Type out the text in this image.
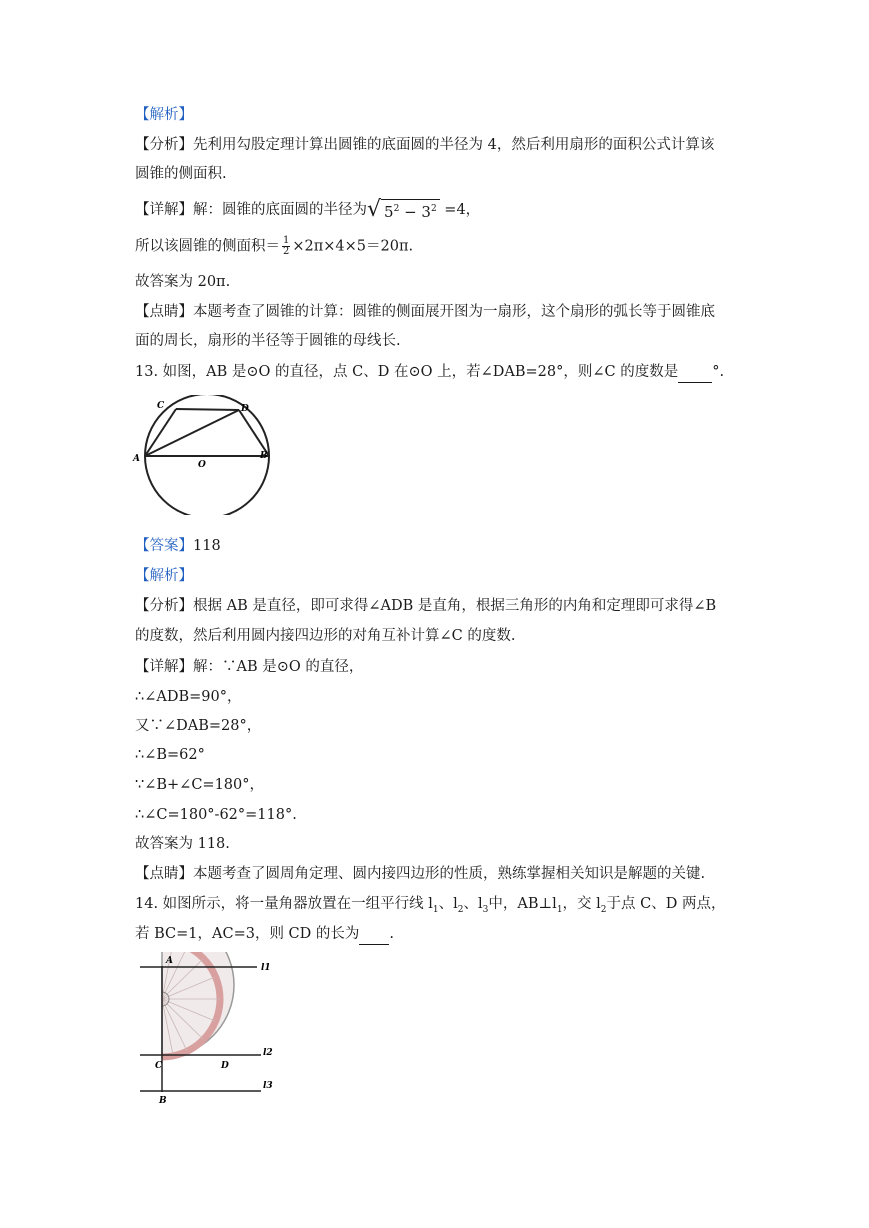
【解析】
【分析】先利用勾股定理计算出圆锥的底面圆的半径为 4，然后利用扇形的面积公式计算该
圆锥的侧面积.
【详解】解：圆锥的底面圆的半径为√ $5^2 - 3^2 =4$，
所以该圆锥的侧面积＝ $\frac{1}{2} \times 2\pi\times 4\times 5=20\pi$.
故答案为 20π.
【点睛】本题考查了圆锥的计算：圆锥的侧面展开图为一扇形，这个扇形的弧长等于圆锥底
面的周长，扇形的半径等于圆锥的母线长.
13. 如图，AB 是⊙O 的直径，点 C、D 在⊙O 上，若∠DAB=28°，则∠C 的度数是 °.
A	B
C	D
O
【答案】118
【解析】
【分析】根据 AB 是直径，即可求得∠ADB 是直角，根据三角形的内角和定理即可求得∠B
的度数，然后利用圆内接四边形的对角互补计算∠C 的度数.
【详解】解：∵AB 是⊙O 的直径，
∴∠ADB=90°，
又∵∠DAB=28°，
∴∠B=62°
∵∠B+∠C=180°，
∴∠C=180°-62°=118°.
故答案为 118.
【点睛】本题考查了圆周角定理、圆内接四边形的性质，熟练掌握相关知识是解题的关键.
14. 如图所示，将一量角器放置在一组平行线 $l_1$、$l_2$、$l_3$中，$AB\perp l_1$，交 $l_2$于点 C、D 两点，
若 BC=1，AC=3，则 CD 的长为 .
A
B
C	D
l1
l2
l3
